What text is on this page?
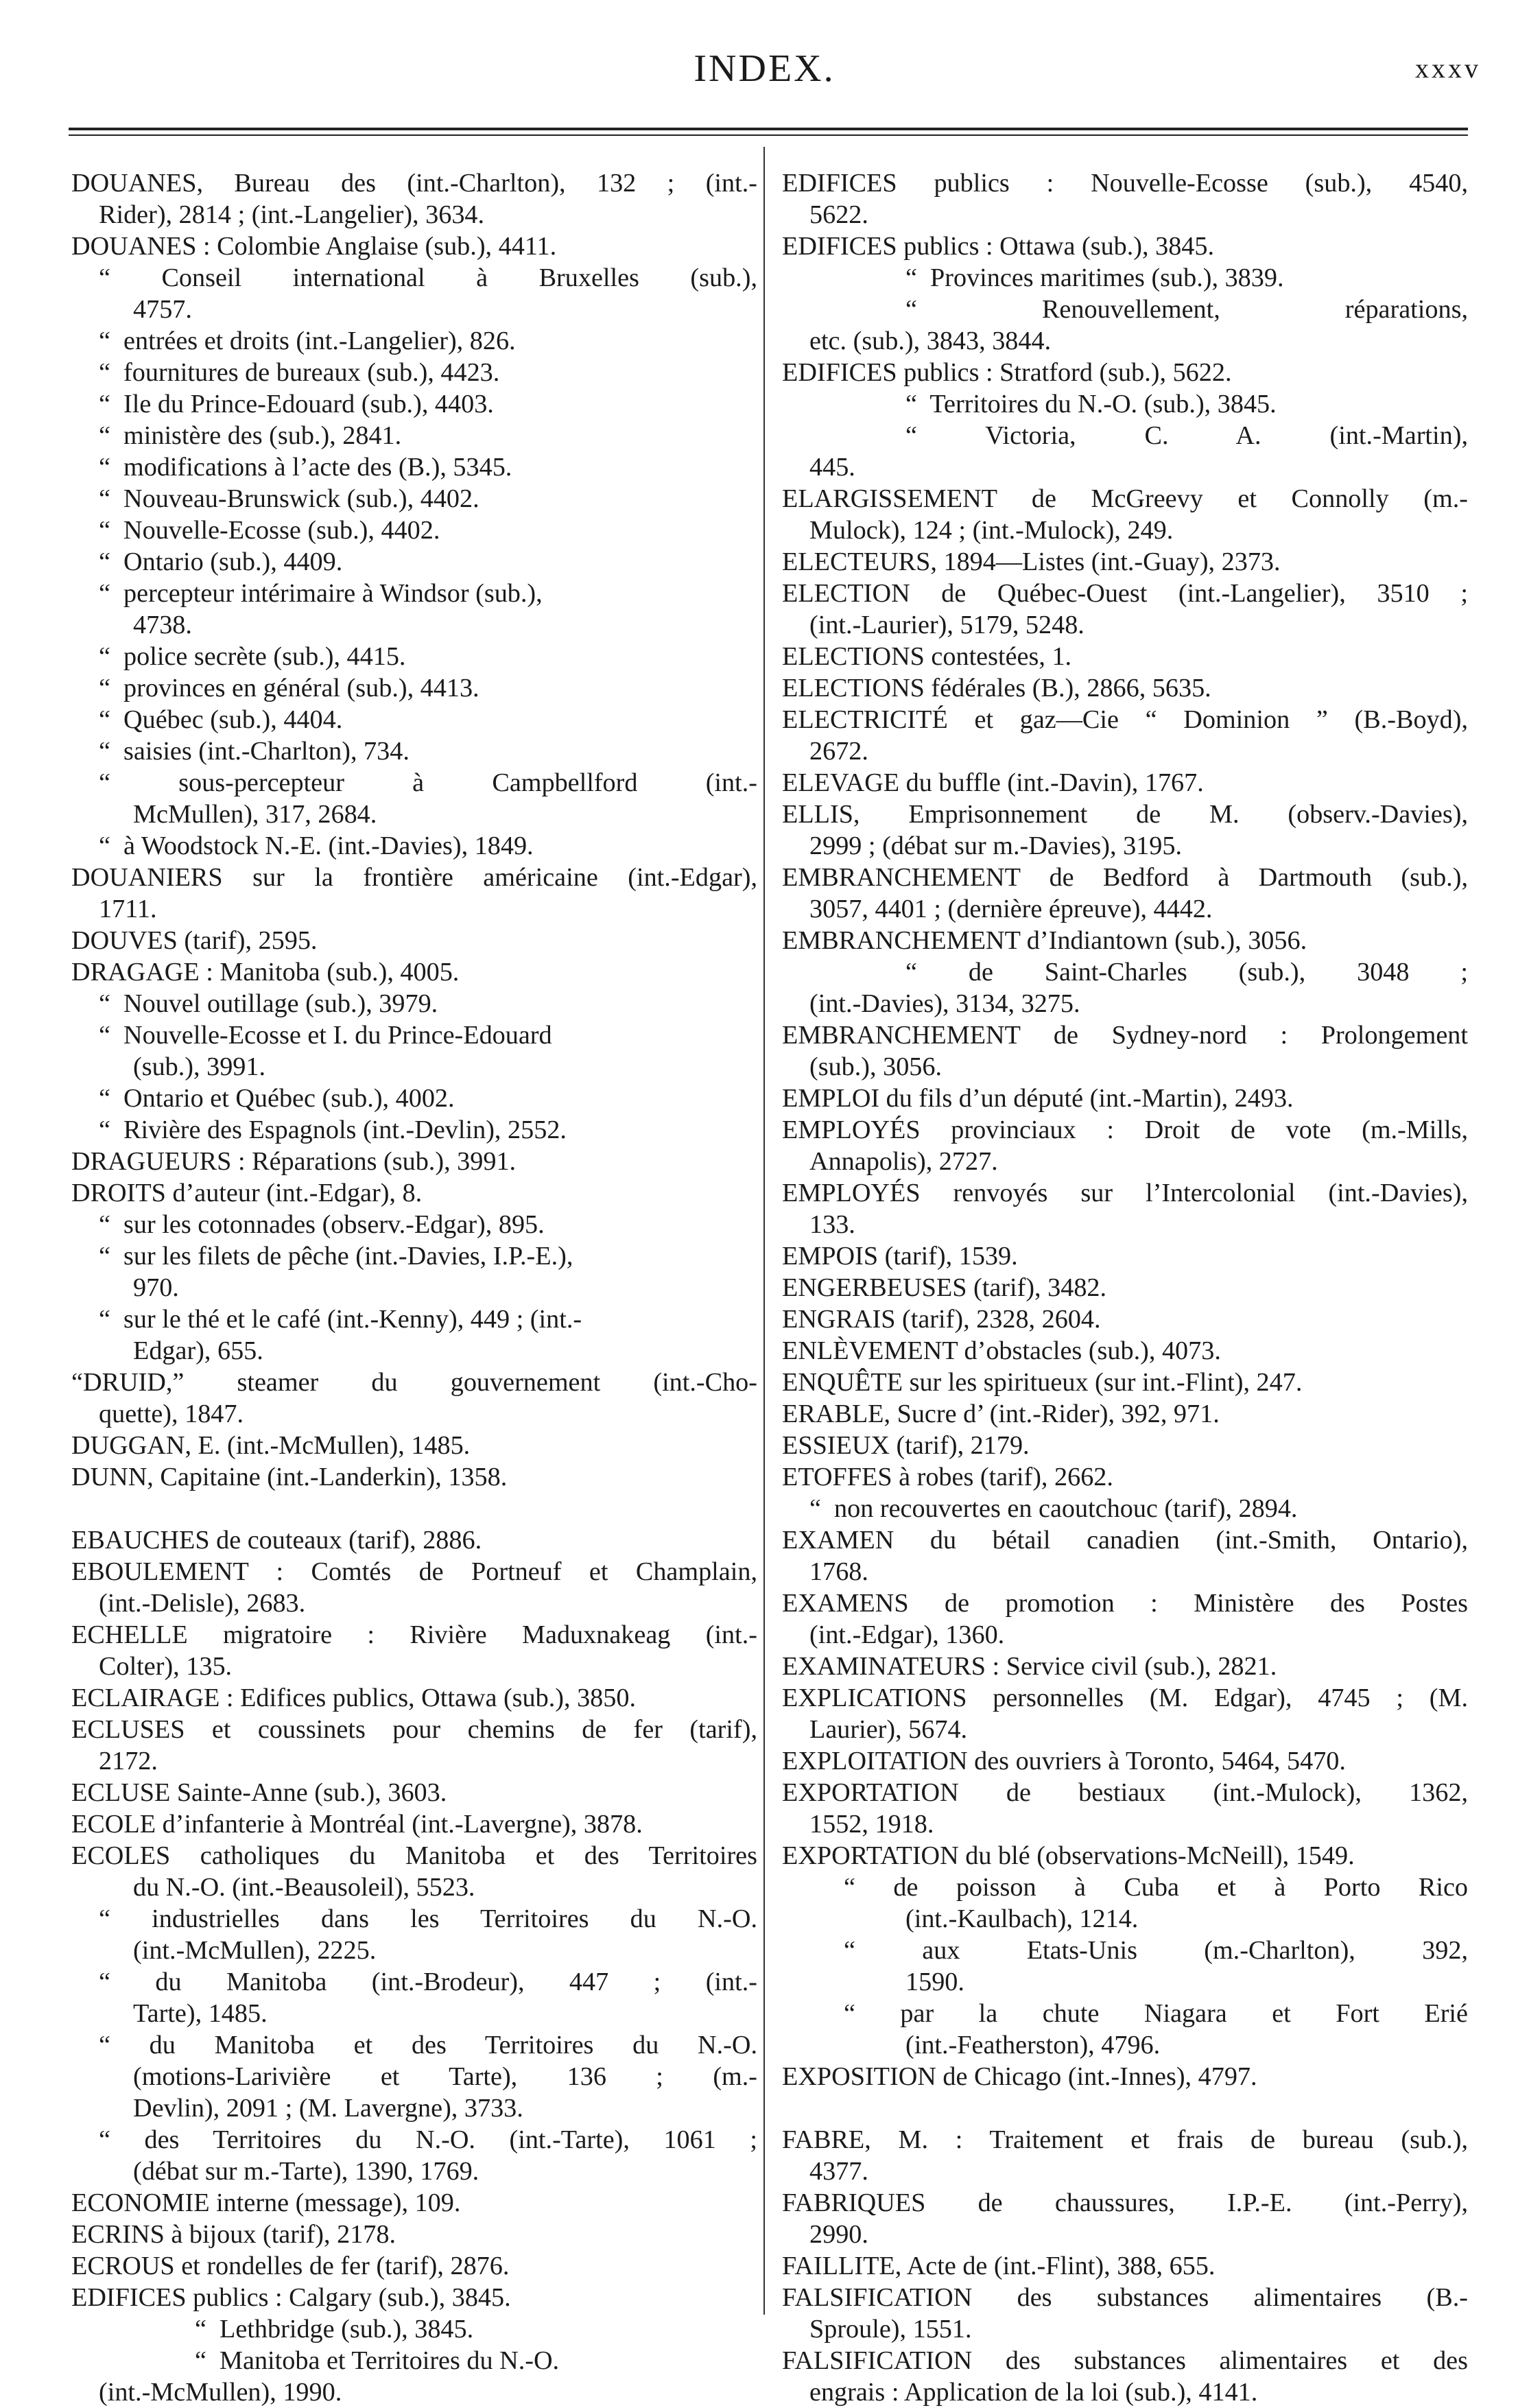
INDEX.	xxxv
DOUANES, Bureau des (int.-Charlton), 132 ; (int.-
Rider), 2814 ; (int.-Langelier), 3634.
DOUANES : Colombie Anglaise (sub.), 4411.
“ Conseil international à Bruxelles (sub.),
4757.
“  entrées et droits (int.-Langelier), 826.
“  fournitures de bureaux (sub.), 4423.
“  Ile du Prince-Edouard (sub.), 4403.
“  ministère des (sub.), 2841.
“  modifications à l’acte des (B.), 5345.
“  Nouveau-Brunswick (sub.), 4402.
“  Nouvelle-Ecosse (sub.), 4402.
“  Ontario (sub.), 4409.
“  percepteur intérimaire à Windsor (sub.),
4738.
“  police secrète (sub.), 4415.
“  provinces en général (sub.), 4413.
“  Québec (sub.), 4404.
“  saisies (int.-Charlton), 734.
“ sous-percepteur à Campbellford (int.-
McMullen), 317, 2684.
“  à Woodstock N.-E. (int.-Davies), 1849.
DOUANIERS sur la frontière américaine (int.-Edgar),
1711.
DOUVES (tarif), 2595.
DRAGAGE : Manitoba (sub.), 4005.
“  Nouvel outillage (sub.), 3979.
“  Nouvelle-Ecosse et I. du Prince-Edouard
(sub.), 3991.
“  Ontario et Québec (sub.), 4002.
“  Rivière des Espagnols (int.-Devlin), 2552.
DRAGUEURS : Réparations (sub.), 3991.
DROITS d’auteur (int.-Edgar), 8.
“  sur les cotonnades (observ.-Edgar), 895.
“  sur les filets de pêche (int.-Davies, I.P.-E.),
970.
“  sur le thé et le café (int.-Kenny), 449 ; (int.-
Edgar), 655.
“DRUID,” steamer du gouvernement (int.-Cho-
quette), 1847.
DUGGAN, E. (int.-McMullen), 1485.
DUNN, Capitaine (int.-Landerkin), 1358.
EBAUCHES de couteaux (tarif), 2886.
EBOULEMENT : Comtés de Portneuf et Champlain,
(int.-Delisle), 2683.
ECHELLE migratoire : Rivière Maduxnakeag (int.-
Colter), 135.
ECLAIRAGE : Edifices publics, Ottawa (sub.), 3850.
ECLUSES et coussinets pour chemins de fer (tarif),
2172.
ECLUSE Sainte-Anne (sub.), 3603.
ECOLE d’infanterie à Montréal (int.-Lavergne), 3878.
ECOLES catholiques du Manitoba et des Territoires
du N.-O. (int.-Beausoleil), 5523.
“ industrielles dans les Territoires du N.-O.
(int.-McMullen), 2225.
“ du Manitoba (int.-Brodeur), 447 ; (int.-
Tarte), 1485.
“ du Manitoba et des Territoires du N.-O.
(motions-Larivière et Tarte), 136 ; (m.-
Devlin), 2091 ; (M. Lavergne), 3733.
“ des Territoires du N.-O. (int.-Tarte), 1061 ;
(débat sur m.-Tarte), 1390, 1769.
ECONOMIE interne (message), 109.
ECRINS à bijoux (tarif), 2178.
ECROUS et rondelles de fer (tarif), 2876.
EDIFICES publics : Calgary (sub.), 3845.
“  Lethbridge (sub.), 3845.
“  Manitoba et Territoires du N.-O.
(int.-McMullen), 1990.
EDIFICES publics : Nouvelle-Ecosse (sub.), 4540,
5622.
EDIFICES publics : Ottawa (sub.), 3845.
“  Provinces maritimes (sub.), 3839.
“ Renouvellement, réparations,
etc. (sub.), 3843, 3844.
EDIFICES publics : Stratford (sub.), 5622.
“  Territoires du N.-O. (sub.), 3845.
“ Victoria, C. A. (int.-Martin),
445.
ELARGISSEMENT de McGreevy et Connolly (m.-
Mulock), 124 ; (int.-Mulock), 249.
ELECTEURS, 1894—Listes (int.-Guay), 2373.
ELECTION de Québec-Ouest (int.-Langelier), 3510 ;
(int.-Laurier), 5179, 5248.
ELECTIONS contestées, 1.
ELECTIONS fédérales (B.), 2866, 5635.
ELECTRICITÉ et gaz—Cie “ Dominion ” (B.-Boyd),
2672.
ELEVAGE du buffle (int.-Davin), 1767.
ELLIS, Emprisonnement de M. (observ.-Davies),
2999 ; (débat sur m.-Davies), 3195.
EMBRANCHEMENT de Bedford à Dartmouth (sub.),
3057, 4401 ; (dernière épreuve), 4442.
EMBRANCHEMENT d’Indiantown (sub.), 3056.
“ de Saint-Charles (sub.), 3048 ;
(int.-Davies), 3134, 3275.
EMBRANCHEMENT de Sydney-nord : Prolongement
(sub.), 3056.
EMPLOI du fils d’un député (int.-Martin), 2493.
EMPLOYÉS provinciaux : Droit de vote (m.-Mills,
Annapolis), 2727.
EMPLOYÉS renvoyés sur l’Intercolonial (int.-Davies),
133.
EMPOIS (tarif), 1539.
ENGERBEUSES (tarif), 3482.
ENGRAIS (tarif), 2328, 2604.
ENLÈVEMENT d’obstacles (sub.), 4073.
ENQUÊTE sur les spiritueux (sur int.-Flint), 247.
ERABLE, Sucre d’ (int.-Rider), 392, 971.
ESSIEUX (tarif), 2179.
ETOFFES à robes (tarif), 2662.
“  non recouvertes en caoutchouc (tarif), 2894.
EXAMEN du bétail canadien (int.-Smith, Ontario),
1768.
EXAMENS de promotion : Ministère des Postes
(int.-Edgar), 1360.
EXAMINATEURS : Service civil (sub.), 2821.
EXPLICATIONS personnelles (M. Edgar), 4745 ; (M.
Laurier), 5674.
EXPLOITATION des ouvriers à Toronto, 5464, 5470.
EXPORTATION de bestiaux (int.-Mulock), 1362,
1552, 1918.
EXPORTATION du blé (observations-McNeill), 1549.
“ de poisson à Cuba et à Porto Rico
(int.-Kaulbach), 1214.
“ aux Etats-Unis (m.-Charlton), 392,
1590.
“ par la chute Niagara et Fort Erié
(int.-Featherston), 4796.
EXPOSITION de Chicago (int.-Innes), 4797.
FABRE, M. : Traitement et frais de bureau (sub.),
4377.
FABRIQUES de chaussures, I.P.-E. (int.-Perry),
2990.
FAILLITE, Acte de (int.-Flint), 388, 655.
FALSIFICATION des substances alimentaires (B.-
Sproule), 1551.
FALSIFICATION des substances alimentaires et des
engrais : Application de la loi (sub.), 4141.
